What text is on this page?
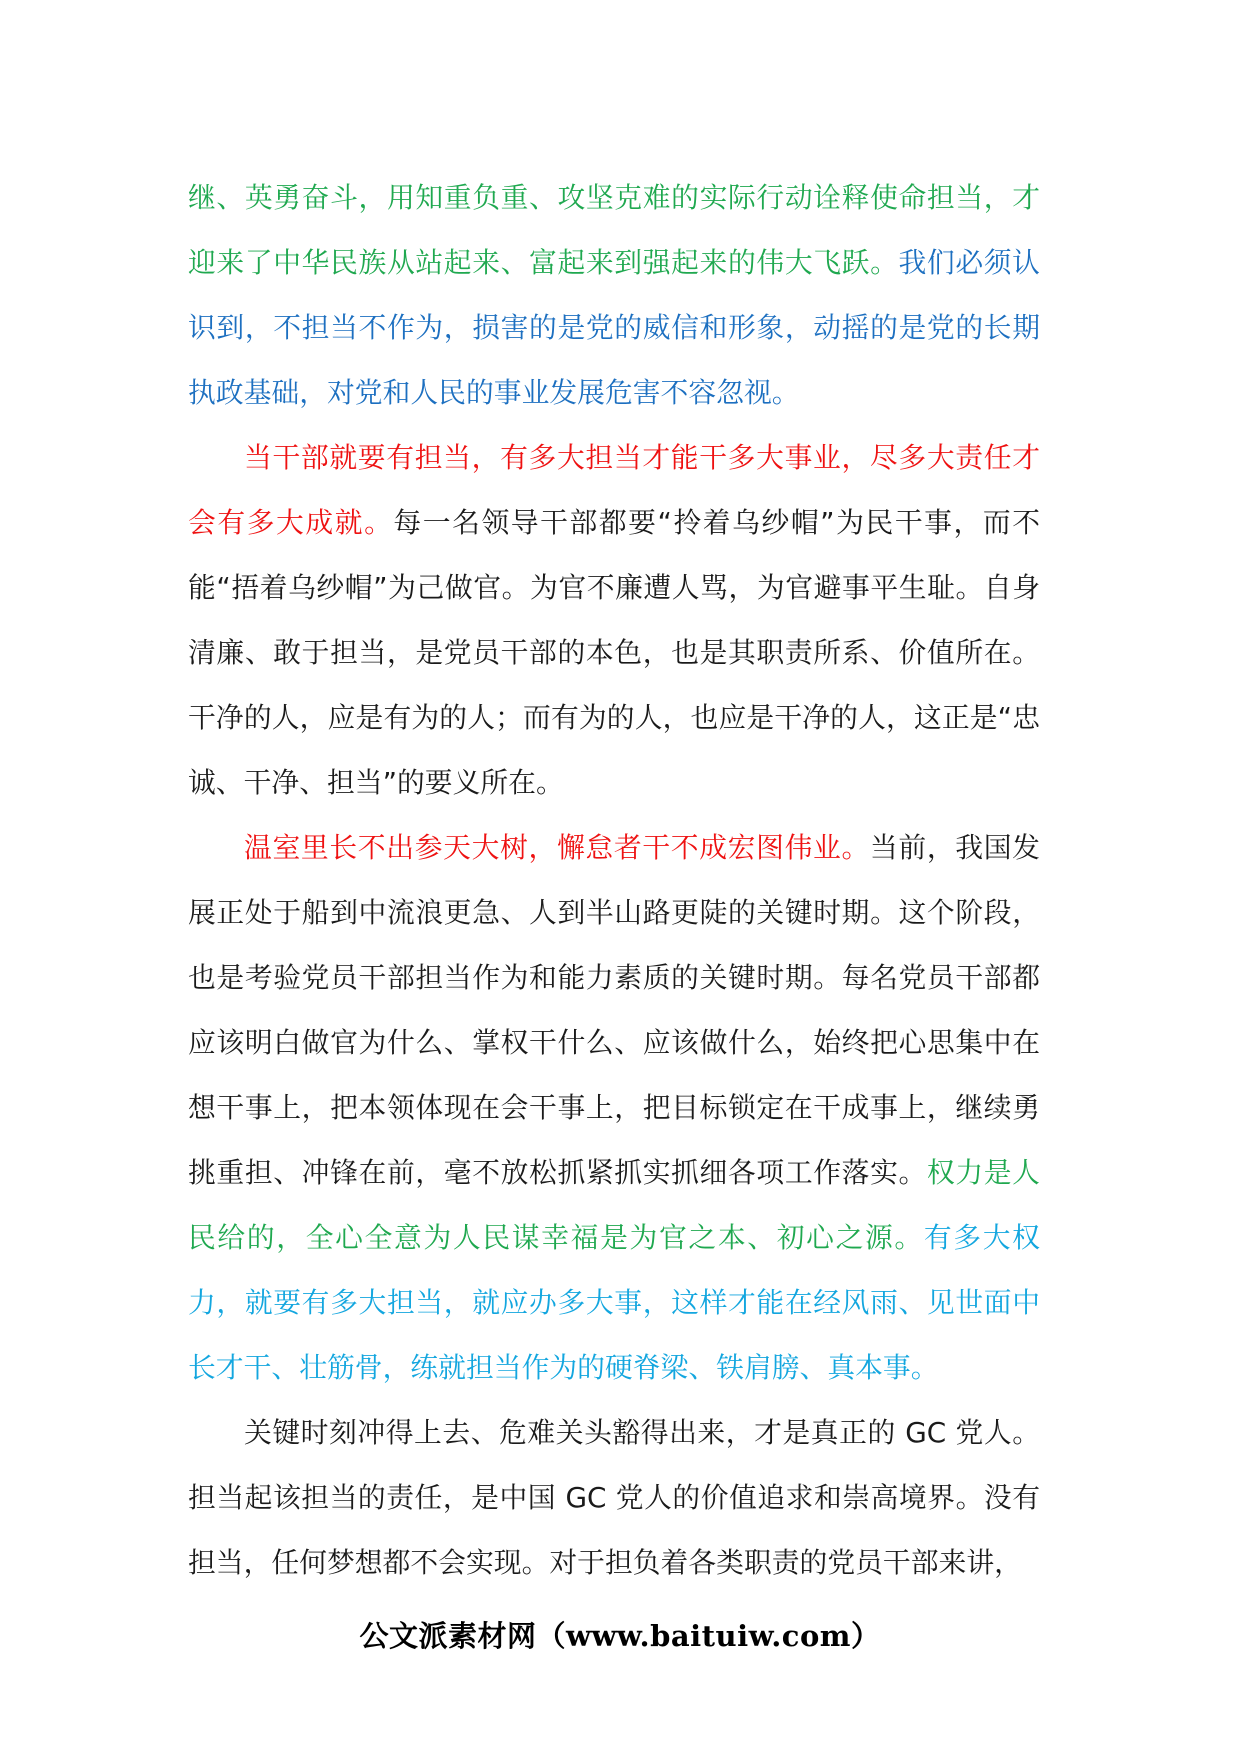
继、英勇奋斗，用知重负重、攻坚克难的实际行动诠释使命担当，才迎来了中华民族从站起来、富起来到强起来的伟大飞跃。我们必须认识到，不担当不作为，损害的是党的威信和形象，动摇的是党的长期执政基础，对党和人民的事业发展危害不容忽视。

当干部就要有担当，有多大担当才能干多大事业，尽多大责任才会有多大成就。每一名领导干部都要“拎着乌纱帽”为民干事，而不能“捂着乌纱帽”为己做官。为官不廉遭人骂，为官避事平生耻。自身清廉、敢于担当，是党员干部的本色，也是其职责所系、价值所在。干净的人，应是有为的人；而有为的人，也应是干净的人，这正是“忠诚、干净、担当”的要义所在。

温室里长不出参天大树，懈怠者干不成宏图伟业。当前，我国发展正处于船到中流浪更急、人到半山路更陡的关键时期。这个阶段，也是考验党员干部担当作为和能力素质的关键时期。每名党员干部都应该明白做官为什么、掌权干什么、应该做什么，始终把心思集中在想干事上，把本领体现在会干事上，把目标锁定在干成事上，继续勇挑重担、冲锋在前，毫不放松抓紧抓实抓细各项工作落实。权力是人民给的，全心全意为人民谋幸福是为官之本、初心之源。有多大权力，就要有多大担当，就应办多大事，这样才能在经风雨、见世面中长才干、壮筋骨，练就担当作为的硬脊梁、铁肩膀、真本事。

关键时刻冲得上去、危难关头豁得出来，才是真正的 GC 党人。担当起该担当的责任，是中国 GC 党人的价值追求和崇高境界。没有担当，任何梦想都不会实现。对于担负着各类职责的党员干部来讲，

公文派素材网（www.baituiw.com）
